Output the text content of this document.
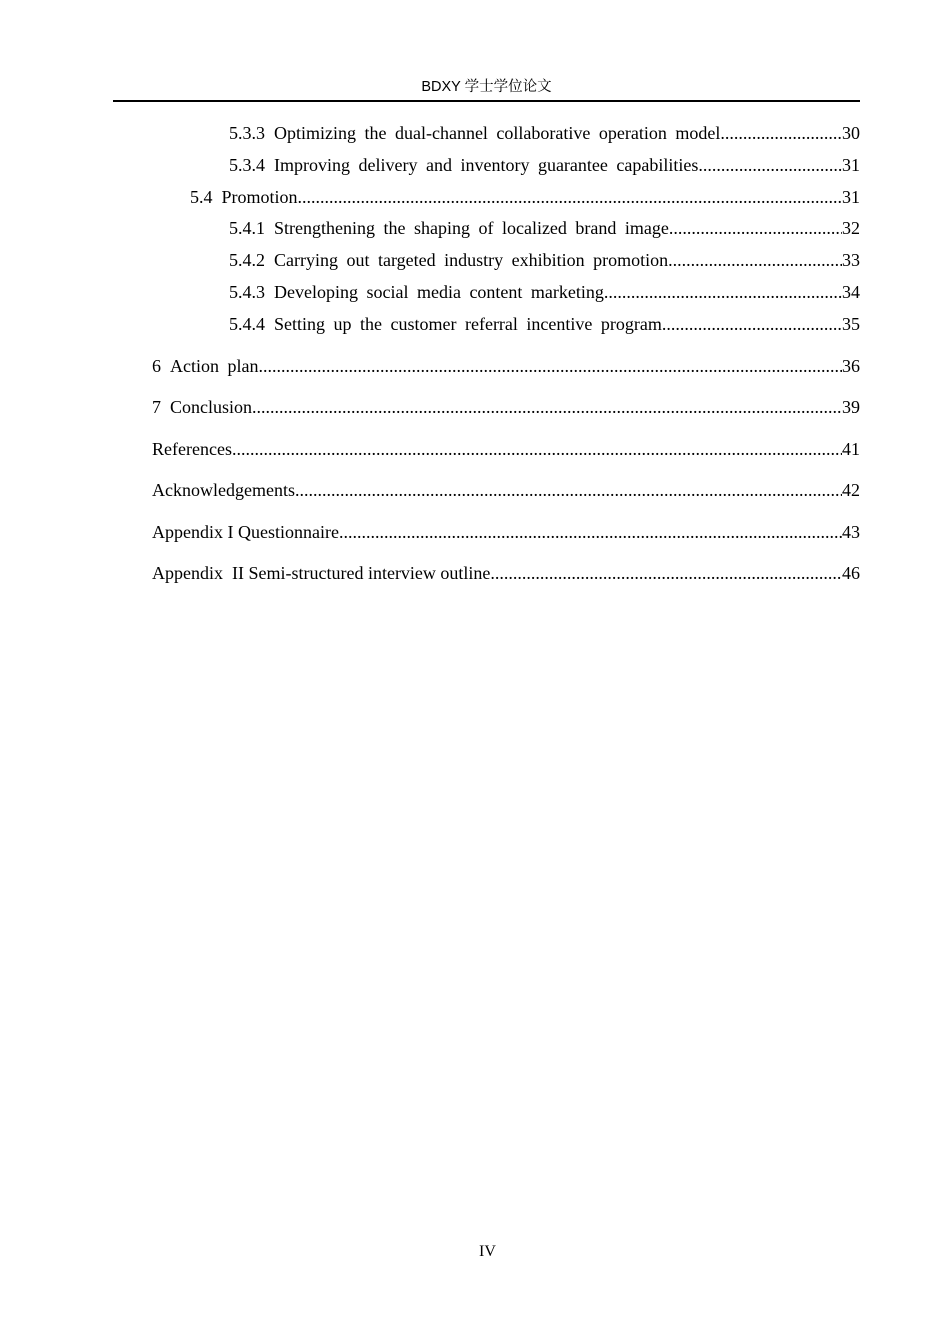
BDXY 学士学位论文
5.3.3 Optimizing the dual-channel collaborative operation model .....	30
5.3.4 Improving delivery and inventory guarantee capabilities .....	31
5.4 Promotion .....	31
5.4.1 Strengthening the shaping of localized brand image .....	32
5.4.2 Carrying out targeted industry exhibition promotion .....	33
5.4.3 Developing social media content marketing .....	34
5.4.4 Setting up the customer referral incentive program .....	35
6 Action plan .....	36
7 Conclusion .....	39
References .....	41
Acknowledgements .....	42
Appendix I Questionnaire .....	43
Appendix  II Semi-structured interview outline .....	46
IV
